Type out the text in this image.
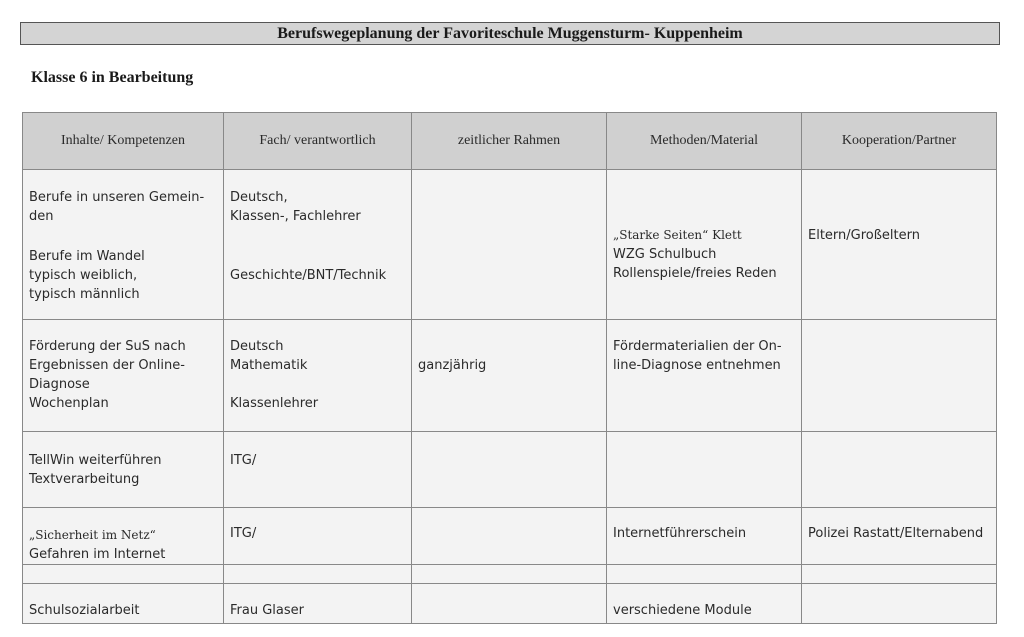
Berufswegeplanung der Favoriteschule Muggensturm- Kuppenheim
Klasse 6 in Bearbeitung
Inhalte/ Kompetenzen	Fach/ verantwortlich	zeitlicher Rahmen	Methoden/Material	Kooperation/Partner

Berufe in unseren Gemein-
den
Berufe im Wandel
typisch weiblich,
typisch männlich	Deutsch,
Klassen-, Fachlehrer
Geschichte/BNT/Technik		„Starke Seiten“ Klett
WZG Schulbuch
Rollenspiele/freies Reden	Eltern/Großeltern

Förderung der SuS nach
Ergebnissen der Online-
Diagnose
Wochenplan	Deutsch
Mathematik
Klassenlehrer	ganzjährig	Fördermaterialien der On-
line-Diagnose entnehmen	

TellWin weiterführen
Textverarbeitung	ITG/			

„Sicherheit im Netz“
Gefahren im Internet	ITG/		Internetführerschein	Polizei Rastatt/Elternabend

Schulsozialarbeit	Frau Glaser		verschiedene Module	
